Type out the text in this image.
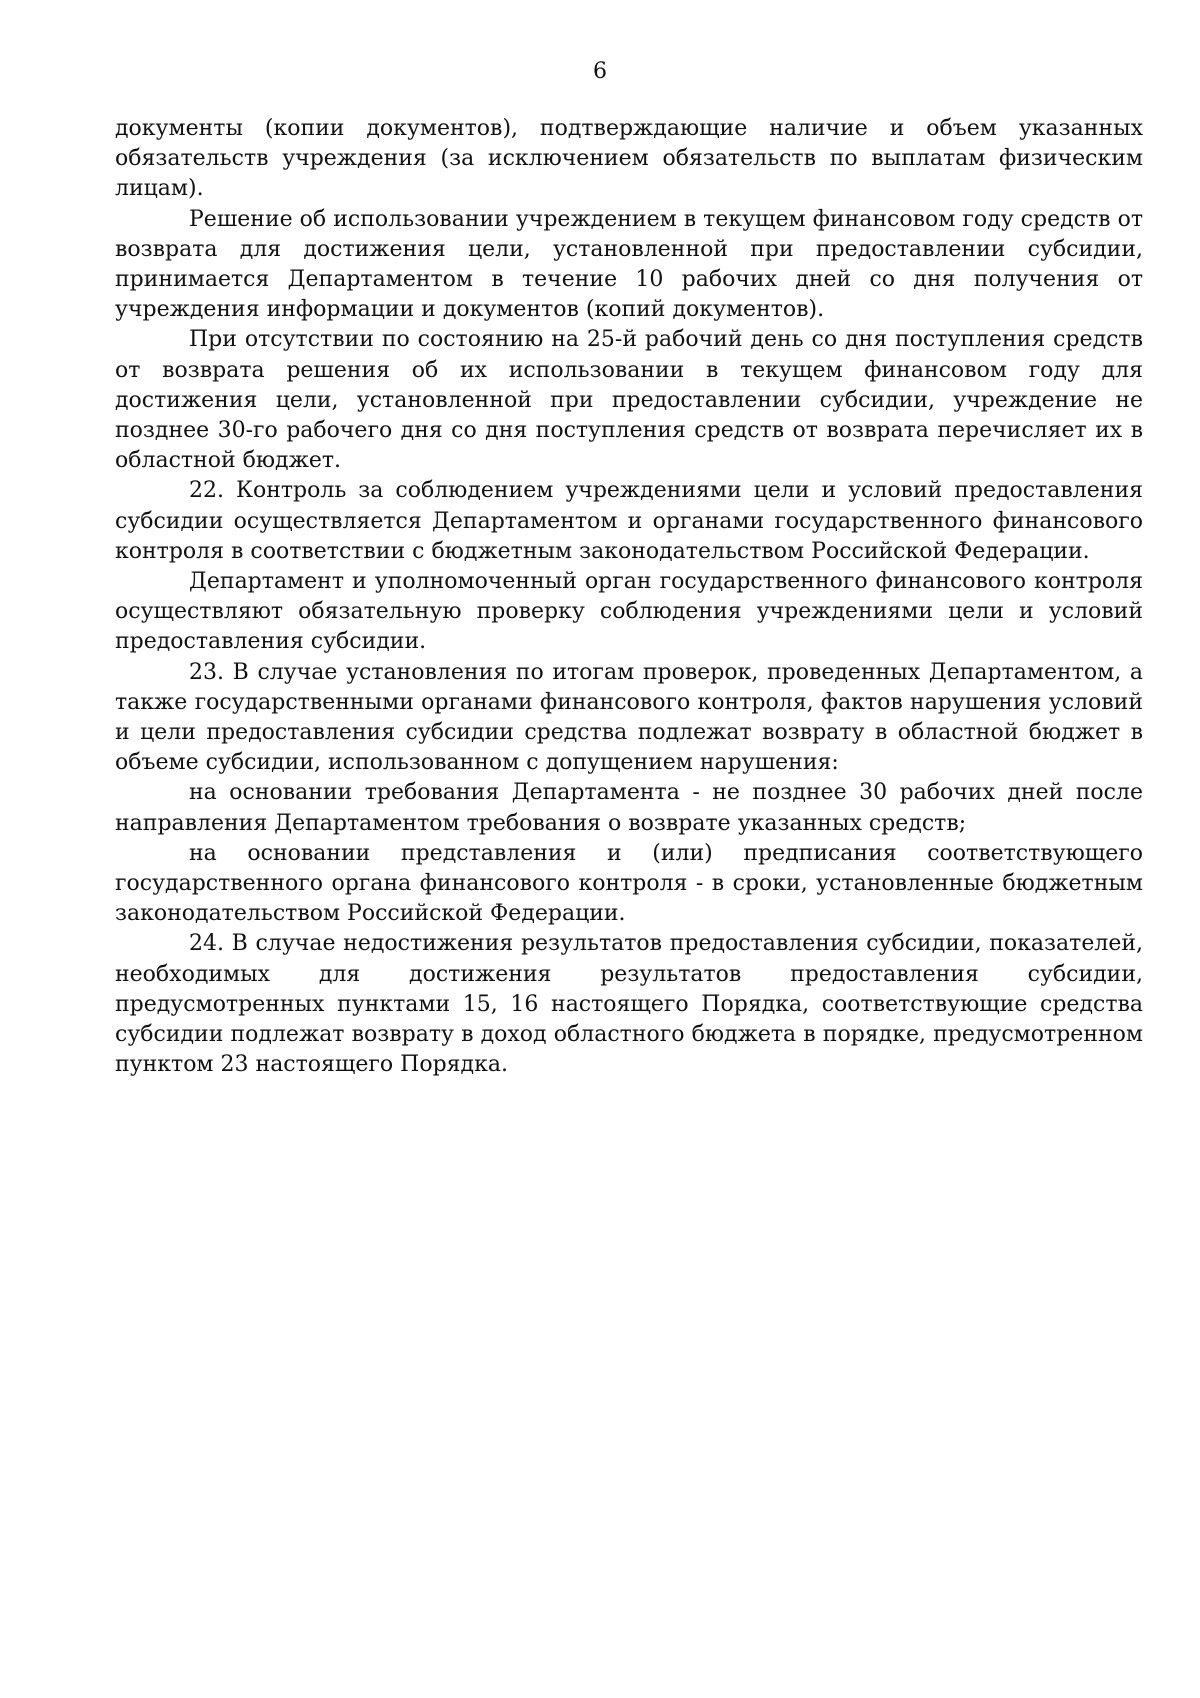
6

документы (копии документов), подтверждающие наличие и объем указанных обязательств учреждения (за исключением обязательств по выплатам физическим лицам).

Решение об использовании учреждением в текущем финансовом году средств от возврата для достижения цели, установленной при предоставлении субсидии, принимается Департаментом в течение 10 рабочих дней со дня получения от учреждения информации и документов (копий документов).

При отсутствии по состоянию на 25-й рабочий день со дня поступления средств от возврата решения об их использовании в текущем финансовом году для достижения цели, установленной при предоставлении субсидии, учреждение не позднее 30-го рабочего дня со дня поступления средств от возврата перечисляет их в областной бюджет.

22. Контроль за соблюдением учреждениями цели и условий предоставления субсидии осуществляется Департаментом и органами государственного финансового контроля в соответствии с бюджетным законодательством Российской Федерации.

Департамент и уполномоченный орган государственного финансового контроля осуществляют обязательную проверку соблюдения учреждениями цели и условий предоставления субсидии.

23. В случае установления по итогам проверок, проведенных Департаментом, а также государственными органами финансового контроля, фактов нарушения условий и цели предоставления субсидии средства подлежат возврату в областной бюджет в объеме субсидии, использованном с допущением нарушения:

на основании требования Департамента - не позднее 30 рабочих дней после направления Департаментом требования о возврате указанных средств;

на основании представления и (или) предписания соответствующего государственного органа финансового контроля - в сроки, установленные бюджетным законодательством Российской Федерации.

24. В случае недостижения результатов предоставления субсидии, показателей, необходимых для достижения результатов предоставления субсидии, предусмотренных пунктами 15, 16 настоящего Порядка, соответствующие средства субсидии подлежат возврату в доход областного бюджета в порядке, предусмотренном пунктом 23 настоящего Порядка.
